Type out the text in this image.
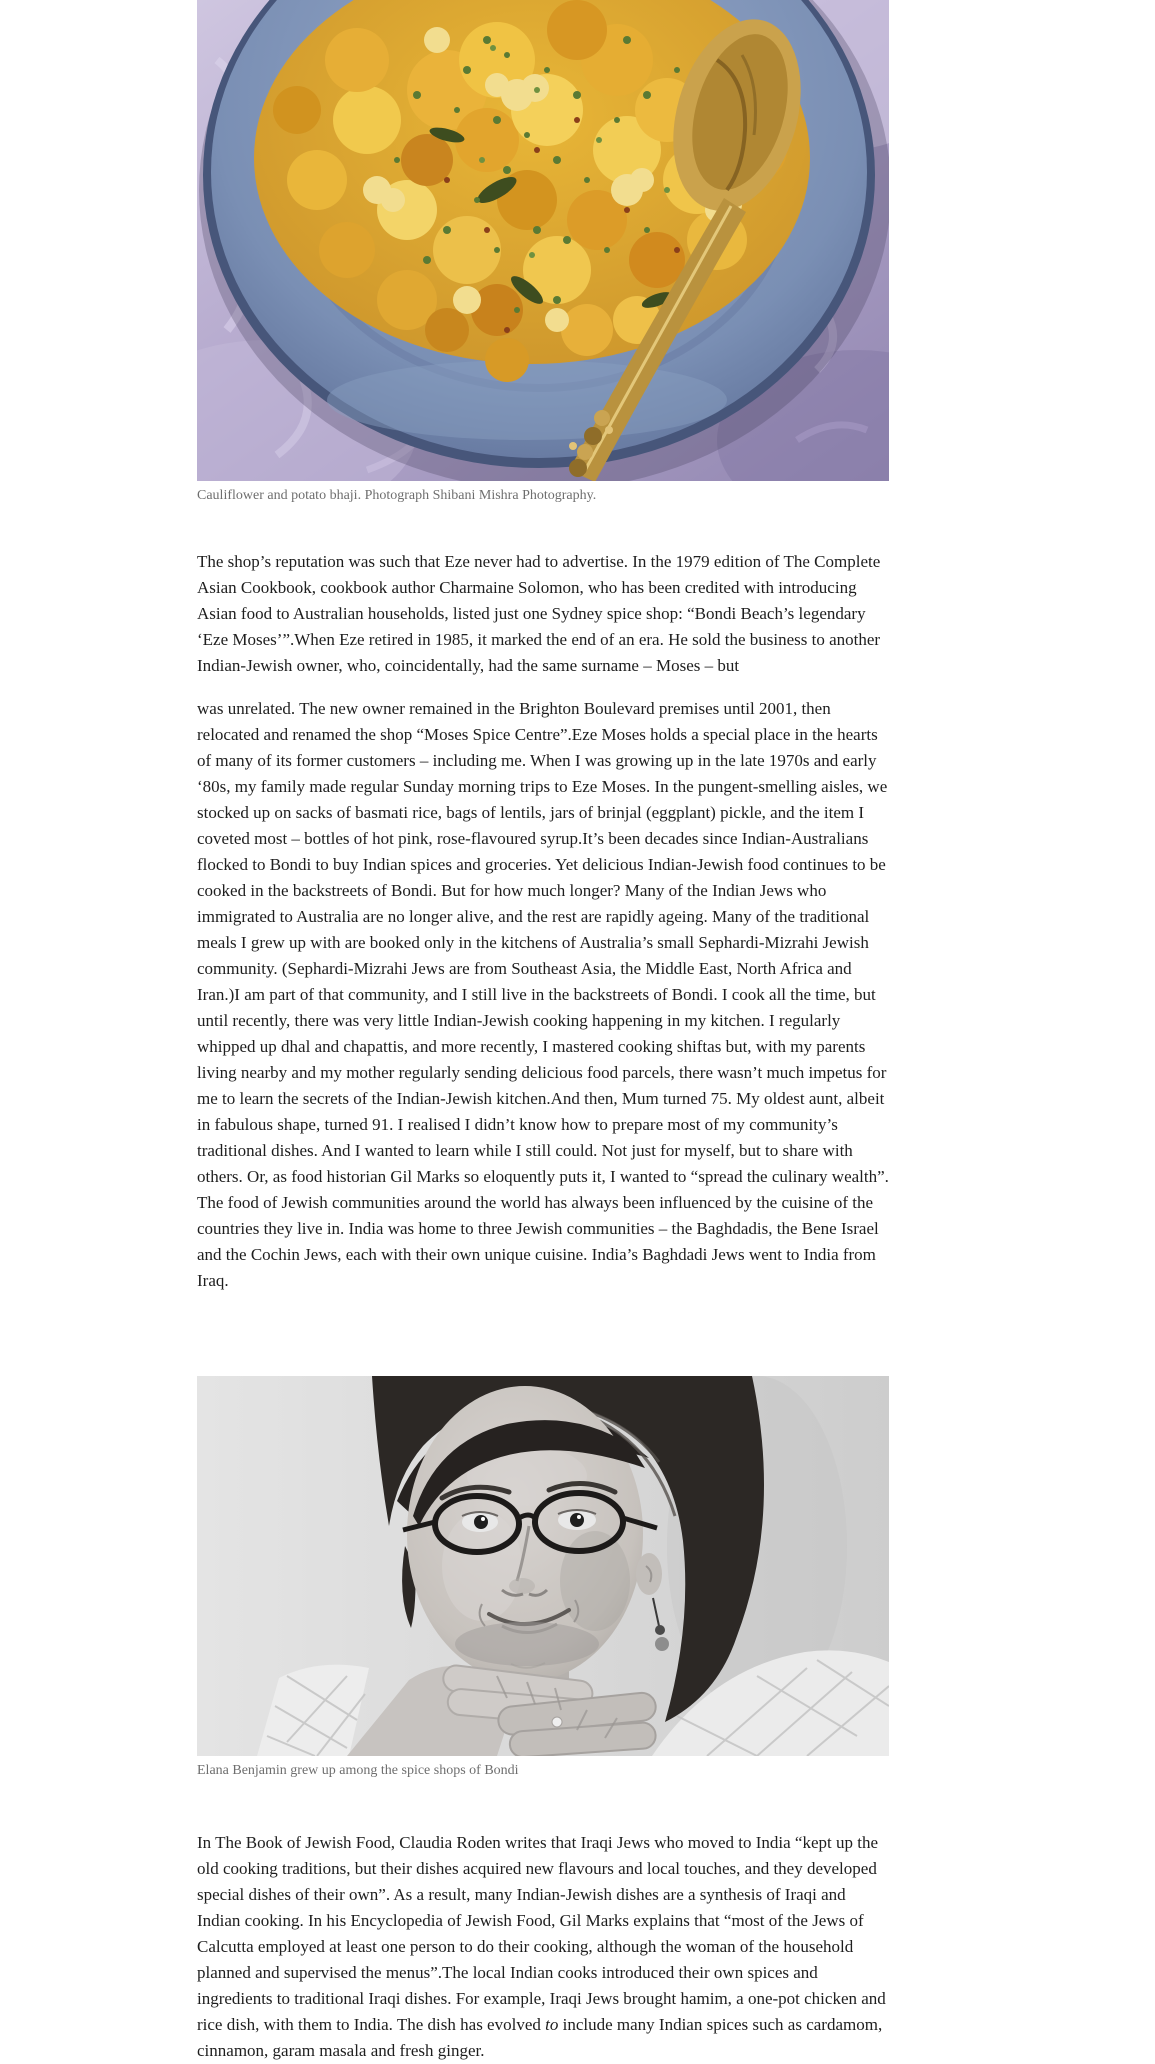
Cauliflower and potato bhaji. Photograph Shibani Mishra Photography.

The shop’s reputation was such that Eze never had to advertise. In the 1979 edition of The Complete Asian Cookbook, cookbook author Charmaine Solomon, who has been credited with introducing Asian food to Australian households, listed just one Sydney spice shop: “Bondi Beach’s legendary ‘Eze Moses’”.When Eze retired in 1985, it marked the end of an era. He sold the business to another Indian-Jewish owner, who, coincidentally, had the same surname – Moses – but

was unrelated. The new owner remained in the Brighton Boulevard premises until 2001, then relocated and renamed the shop “Moses Spice Centre”.Eze Moses holds a special place in the hearts of many of its former customers – including me. When I was growing up in the late 1970s and early ‘80s, my family made regular Sunday morning trips to Eze Moses. In the pungent-smelling aisles, we stocked up on sacks of basmati rice, bags of lentils, jars of brinjal (eggplant) pickle, and the item I coveted most – bottles of hot pink, rose-flavoured syrup.It’s been decades since Indian-Australians flocked to Bondi to buy Indian spices and groceries. Yet delicious Indian-Jewish food continues to be cooked in the backstreets of Bondi. But for how much longer? Many of the Indian Jews who immigrated to Australia are no longer alive, and the rest are rapidly ageing. Many of the traditional meals I grew up with are booked only in the kitchens of Australia’s small Sephardi-Mizrahi Jewish community. (Sephardi-Mizrahi Jews are from Southeast Asia, the Middle East, North Africa and Iran.)I am part of that community, and I still live in the backstreets of Bondi. I cook all the time, but until recently, there was very little Indian-Jewish cooking happening in my kitchen. I regularly whipped up dhal and chapattis, and more recently, I mastered cooking shiftas but, with my parents living nearby and my mother regularly sending delicious food parcels, there wasn’t much impetus for me to learn the secrets of the Indian-Jewish kitchen.And then, Mum turned 75. My oldest aunt, albeit in fabulous shape, turned 91. I realised I didn’t know how to prepare most of my community’s traditional dishes. And I wanted to learn while I still could. Not just for myself, but to share with others. Or, as food historian Gil Marks so eloquently puts it, I wanted to “spread the culinary wealth”. The food of Jewish communities around the world has always been influenced by the cuisine of the countries they live in. India was home to three Jewish communities – the Baghdadis, the Bene Israel and the Cochin Jews, each with their own unique cuisine. India’s Baghdadi Jews went to India from Iraq.

Elana Benjamin grew up among the spice shops of Bondi

In The Book of Jewish Food, Claudia Roden writes that Iraqi Jews who moved to India “kept up the old cooking traditions, but their dishes acquired new flavours and local touches, and they developed special dishes of their own”. As a result, many Indian-Jewish dishes are a synthesis of Iraqi and Indian cooking. In his Encyclopedia of Jewish Food, Gil Marks explains that “most of the Jews of Calcutta employed at least one person to do their cooking, although the woman of the household planned and supervised the menus”.The local Indian cooks introduced their own spices and ingredients to traditional Iraqi dishes. For example, Iraqi Jews brought hamim, a one-pot chicken and rice dish, with them to India. The dish has evolved to include many Indian spices such as cardamom, cinnamon, garam masala and fresh ginger.
